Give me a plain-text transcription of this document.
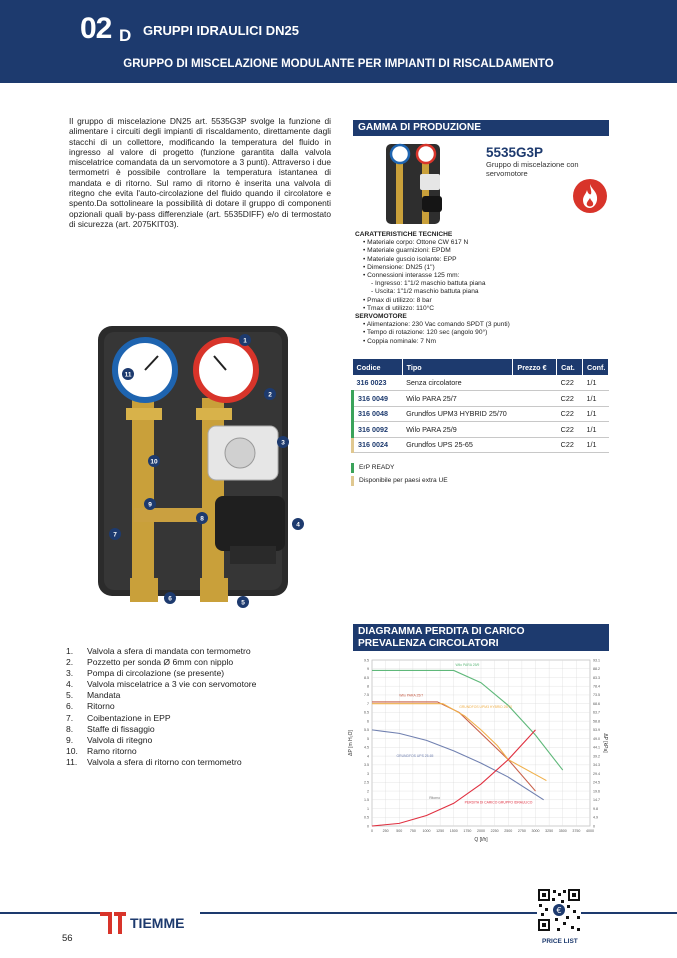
02 D GRUPPI IDRAULICI DN25
GRUPPO DI MISCELAZIONE MODULANTE PER IMPIANTI DI RISCALDAMENTO

Il gruppo di miscelazione DN25 art. 5535G3P svolge la funzione di alimentare i circuiti degli impianti di riscaldamento, direttamente dagli stacchi di un collettore, modificando la temperatura del fluido in ingresso al valore di progetto (funzione garantita dalla valvola miscelatrice comandata da un servomotore a 3 punti). Attraverso i due termometri è possibile controllare la temperatura istantanea di mandata e di ritorno. Sul ramo di ritorno è inserita una valvola di ritegno che evita l'auto-circolazione del fluido quando il circolatore e spento.Da sottolineare la possibilità di dotare il gruppo di componenti opzionali quali by-pass differenziale (art. 5535DIFF) e/o di termostato di sicurezza (art. 2075KIT03).

1
2
3
4
5
6
7
8
9
10
11
1.	Valvola a sfera di mandata con termometro
2.	Pozzetto per sonda Ø 6mm con nipplo
3.	Pompa di circolazione (se presente)
4.	Valvola miscelatrice a 3 vie con servomotore
5.	Mandata
6.	Ritorno
7.	Coibentazione in EPP
8.	Staffe di fissaggio
9.	Valvola di ritegno
10.	Ramo ritorno
11.	Valvola a sfera di ritorno con termometro
GAMMA DI PRODUZIONE
5535G3P
Gruppo di miscelazione con servomotore
CARATTERISTICHE TECNICHE
• Materiale corpo: Ottone CW 617 N
• Materiale guarnizioni: EPDM
• Materiale guscio isolante: EPP
• Dimensione: DN25 (1")
• Connessioni interasse 125 mm:
- Ingresso: 1"1/2 maschio battuta piana
- Uscita: 1"1/2 maschio battuta piana
• Pmax di utilizzo: 8 bar
• Tmax di utilizzo: 110°C
SERVOMOTORE
• Alimentazione: 230 Vac comando SPDT (3 punti)
• Tempo di rotazione: 120 sec (angolo 90°)
• Coppia nominale: 7 Nm
Codice	Tipo	Prezzo €	Cat.	Conf.
316 0023	Senza circolatore		C22	1/1
316 0049	Wilo PARA 25/7		C22	1/1
316 0048	Grundfos UPM3 HYBRID 25/70		C22	1/1
316 0092	Wilo PARA 25/9		C22	1/1
316 0024	Grundfos UPS 25-65		C22	1/1
ErP READY
Disponibile per paesi extra UE
DIAGRAMMA PERDITA DI CARICO
PREVALENZA CIRCOLATORI
0	250 500 750 1000 1250 1500 1750 2000 2250 2500 2750 3000 3250 3500 3750 4000
0	0
0.5	4.9
1	9.8
1.5	14.7
2	19.6
2.5	24.5
3	29.4
3.5	34.3
4	39.2
4.5	44.1
5	49.0
5.5	53.9
6	58.8
6.5	63.7
7	68.6
7.5	73.5
8	78.4
8.5	83.3
9	88.2
9.5	93.1
Q [l/h]
ΔP [m H₂O]	ΔP [kPa]
Wilo PARA 25/9
Wilo PARA 25/7
GRUNDFOS UPM3 HYBRID 25/70
GRUNDFOS UPS 25-65
PERDITA DI CARICO GRUPPO IDRAULICO
Ritorno
TIEMME
56
€
PRICE LIST
